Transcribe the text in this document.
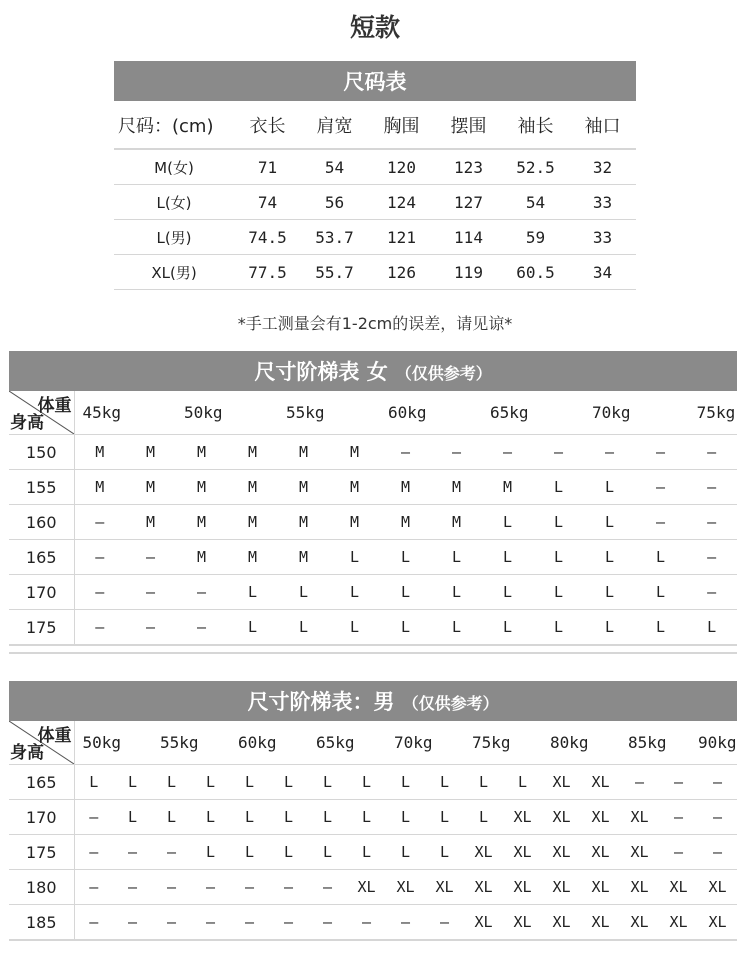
短款
尺码表						
尺码：(cm)	衣长	肩宽	胸围	摆围	袖长	袖口
M(女)	71	54	120	123	52.5	32
L(女)	74	56	124	127	54	33
L(男)	74.5	53.7	121	114	59	33
XL(男)	77.5	55.7	126	119	60.5	34
*手工测量会有1-2cm的误差，请见谅*
尺寸阶梯表 女 （仅供参考）													

体重
身高	45kg		50kg		55kg		60kg		65kg		70kg		75kg
150	M	M	M	M	M	M	–	–	–	–	–	–	–
155	M	M	M	M	M	M	M	M	M	L	L	–	–
160	–	M	M	M	M	M	M	M	L	L	L	–	–
165	–	–	M	M	M	L	L	L	L	L	L	L	–
170	–	–	–	L	L	L	L	L	L	L	L	L	–
175	–	–	–	L	L	L	L	L	L	L	L	L	L
尺寸阶梯表：男 （仅供参考）																	

体重
身高	50kg		55kg		60kg		65kg		70kg		75kg		80kg		85kg		90kg
165	L	L	L	L	L	L	L	L	L	L	L	L	XL	XL	–	–	–
170	–	L	L	L	L	L	L	L	L	L	L	XL	XL	XL	XL	–	–
175	–	–	–	L	L	L	L	L	L	L	XL	XL	XL	XL	XL	–	–
180	–	–	–	–	–	–	–	XL	XL	XL	XL	XL	XL	XL	XL	XL	XL
185	–	–	–	–	–	–	–	–	–	–	XL	XL	XL	XL	XL	XL	XL
